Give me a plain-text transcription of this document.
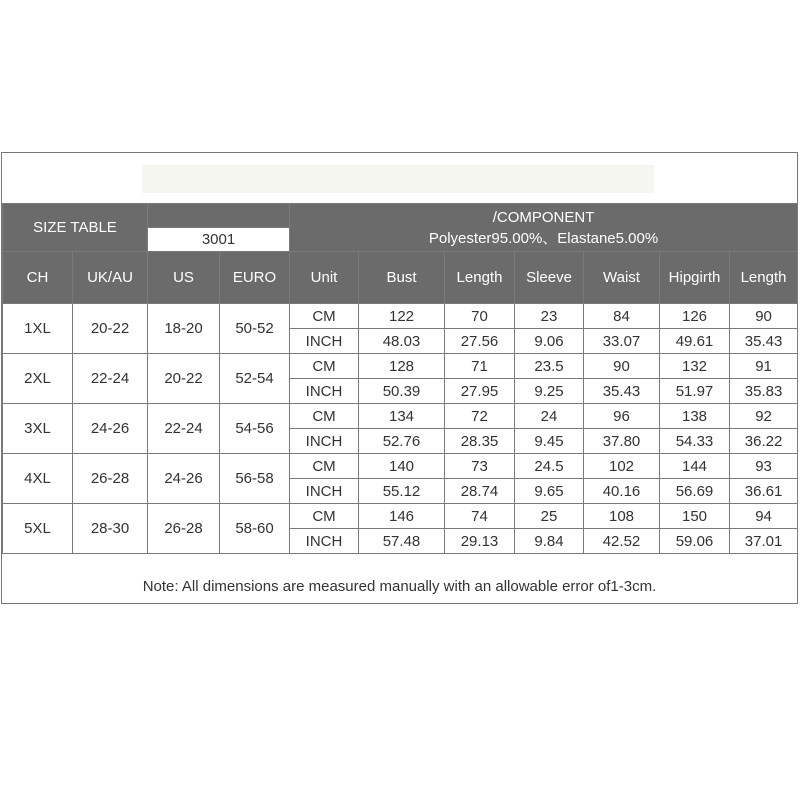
SIZE TABLE				/COMPONENT
Polyester95.00%、Elastane5.00%						

		3001								
CH	UK/AU	US	EURO	Unit	Bust	Length	Sleeve	Waist	Hipgirth	Length
1XL	20-22	18-20	50-52	CM	122	70	23	84	126	90
				INCH	48.03	27.56	9.06	33.07	49.61	35.43
2XL	22-24	20-22	52-54	CM	128	71	23.5	90	132	91
				INCH	50.39	27.95	9.25	35.43	51.97	35.83
3XL	24-26	22-24	54-56	CM	134	72	24	96	138	92
				INCH	52.76	28.35	9.45	37.80	54.33	36.22
4XL	26-28	24-26	56-58	CM	140	73	24.5	102	144	93
				INCH	55.12	28.74	9.65	40.16	56.69	36.61
5XL	28-30	26-28	58-60	CM	146	74	25	108	150	94
				INCH	57.48	29.13	9.84	42.52	59.06	37.01
Note: All dimensions are measured manually with an allowable error of1-3cm.
